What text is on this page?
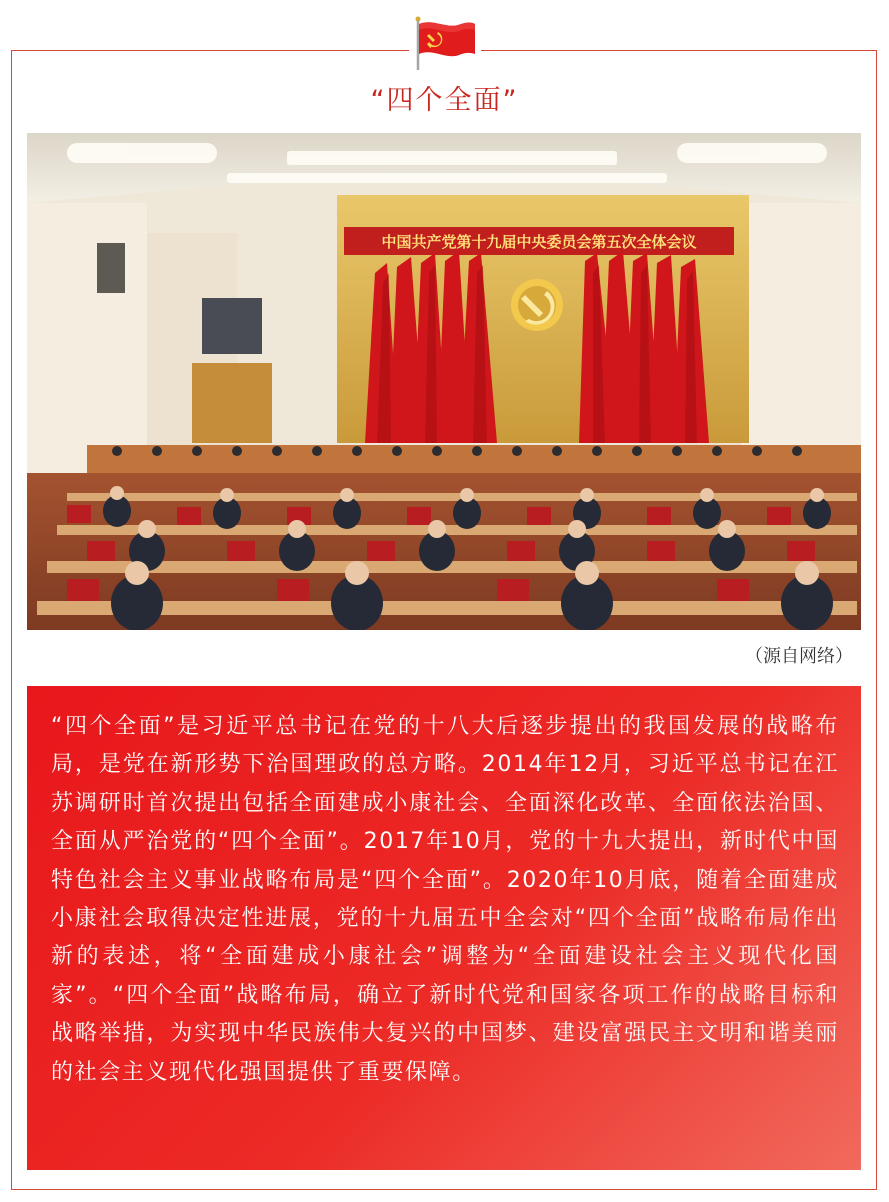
“四个全面”
中国共产党第十九届中央委员会第五次全体会议
（源自网络）

“四个全面”是习近平总书记在党的十八大后逐步提出的我国发展的战略布局，是党在新形势下治国理政的总方略。2014年12月，习近平总书记在江苏调研时首次提出包括全面建成小康社会、全面深化改革、全面依法治国、全面从严治党的“四个全面”。2017年10月，党的十九大提出，新时代中国特色社会主义事业战略布局是“四个全面”。2020年10月底，随着全面建成小康社会取得决定性进展，党的十九届五中全会对“四个全面”战略布局作出新的表述，将“全面建成小康社会”调整为“全面建设社会主义现代化国家”。“四个全面”战略布局，确立了新时代党和国家各项工作的战略目标和战略举措，为实现中华民族伟大复兴的中国梦、建设富强民主文明和谐美丽的社会主义现代化强国提供了重要保障。
